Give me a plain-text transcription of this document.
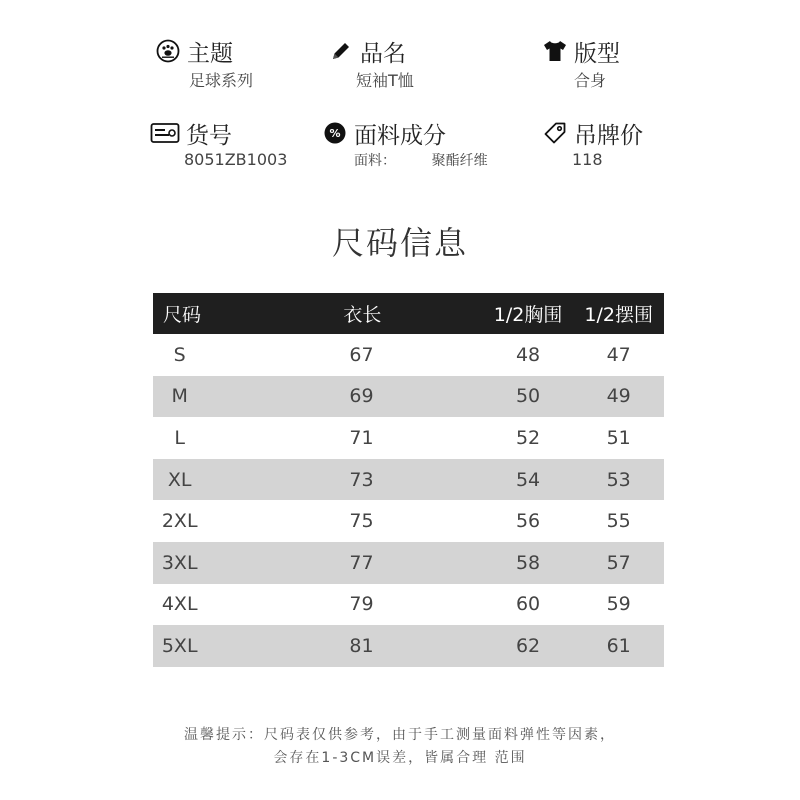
主题
足球系列
品名
短袖T恤
版型
合身
货号
8051ZB1003
% 面料成分
面料：        聚酯纤维
吊牌价
118
尺码信息
尺码	衣长	1/2胸围	1/2摆围
S	67	48	47
M	69	50	49
L	71	52	51
XL	73	54	53
2XL	75	56	55
3XL	77	58	57
4XL	79	60	59
5XL	81	62	61
温馨提示：尺码表仅供参考，由于手工测量面料弹性等因素，
会存在1-3CM误差，皆属合理 范围
